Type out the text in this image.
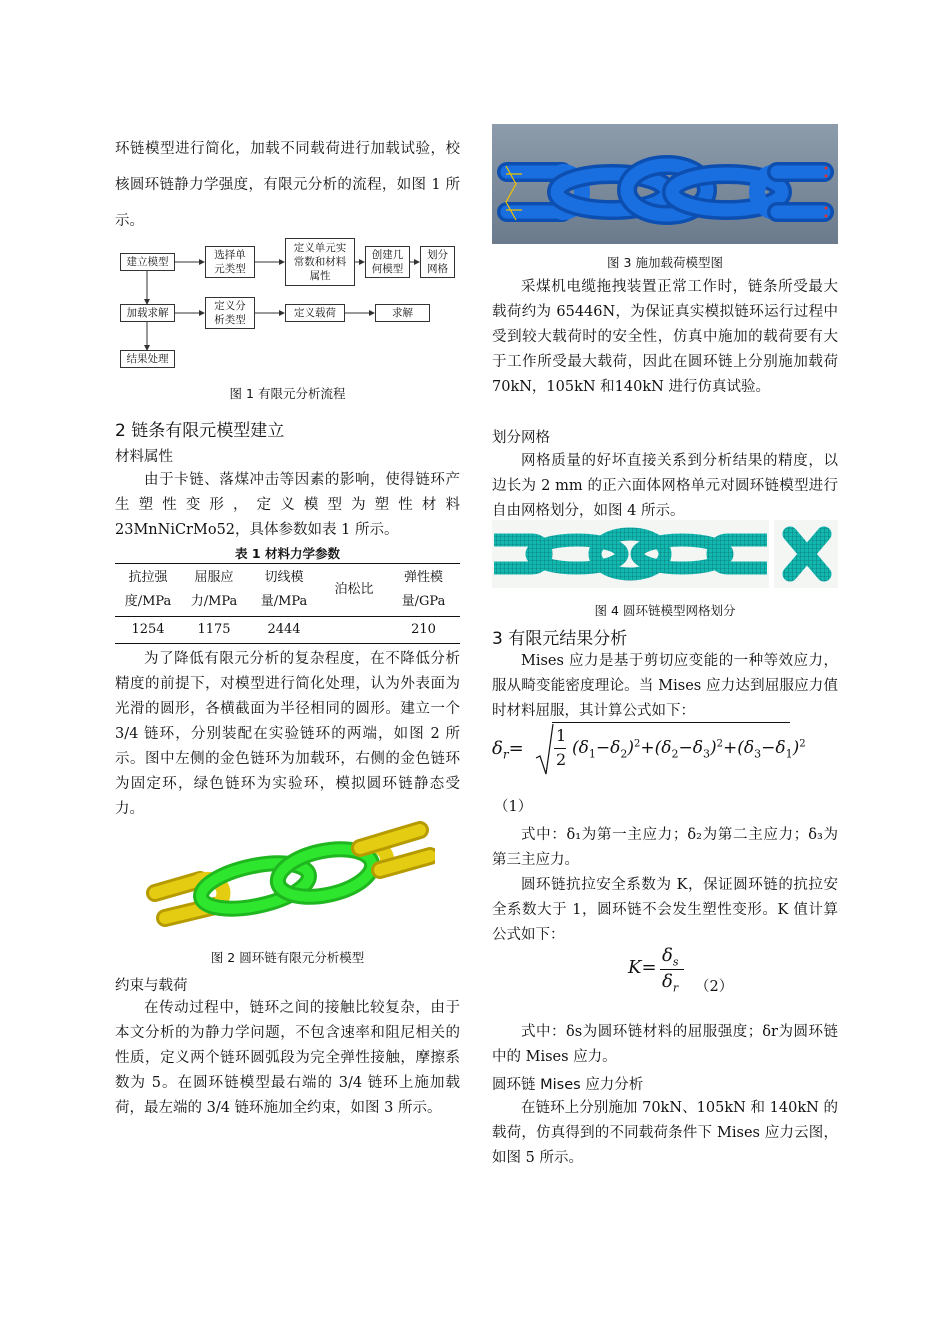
环链模型进行简化，加载不同载荷进行加载试验，校核圆环链静力学强度，有限元分析的流程，如图 1 所示。

建立模型
选择单元类型
定义单元实常数和材料属性
创建几何模型
划分网格
加载求解
定义分析类型
定义载荷	求解
结果处理

图 1 有限元分析流程

2 链条有限元模型建立

材料属性

由于卡链、落煤冲击等因素的影响，使得链环产生塑性变形，定义模型为塑性材料23MnNiCrMo52，具体参数如表 1 所示。

表 1 材料力学参数

抗拉强度/MPa	屈服应力/MPa	切线模量/MPa	泊松比	弹性模量/GPa
1254	1175	2444		210

为了降低有限元分析的复杂程度，在不降低分析精度的前提下，对模型进行简化处理，认为外表面为光滑的圆形，各横截面为半径相同的圆形。建立一个 3/4 链环，分别装配在实验链环的两端，如图 2 所示。图中左侧的金色链环为加载环，右侧的金色链环为固定环，绿色链环为实验环，模拟圆环链静态受力。

图 2 圆环链有限元分析模型

约束与载荷

在传动过程中，链环之间的接触比较复杂，由于本文分析的为静力学问题，不包含速率和阻尼相关的性质，定义两个链环圆弧段为完全弹性接触，摩擦系数为 5。在圆环链模型最右端的 3/4 链环上施加载荷，最左端的 3/4 链环施加全约束，如图 3 所示。

图 3 施加载荷模型图

采煤机电缆拖拽装置正常工作时，链条所受最大载荷约为 65446N，为保证真实模拟链环运行过程中受到较大载荷时的安全性，仿真中施加的载荷要有大于工作所受最大载荷，因此在圆环链上分别施加载荷 70kN，105kN 和140kN 进行仿真试验。

划分网格

网格质量的好坏直接关系到分析结果的精度，以边长为 2 mm 的正六面体网格单元对圆环链模型进行自由网格划分，如图 4 所示。

图 4 圆环链模型网格划分

3 有限元结果分析

Mises 应力是基于剪切应变能的一种等效应力，服从畸变能密度理论。当 Mises 应力达到屈服应力值时材料屈服，其计算公式如下：

$\delta_r=$
1
2
$(\delta_1-\delta_2)^2+(\delta_2-\delta_3)^2+(\delta_3-\delta_1)^2$

（1）

式中：δ₁为第一主应力；δ₂为第二主应力；δ₃为第三主应力。

圆环链抗拉安全系数为 K，保证圆环链的抗拉安全系数大于 1，圆环链不会发生塑性变形。K 值计算公式如下：

K=
$\delta_s$
$\delta_r$ （2）

式中：δs为圆环链材料的屈服强度；δr为圆环链中的 Mises 应力。

圆环链 Mises 应力分析

在链环上分别施加 70kN、105kN 和 140kN 的载荷，仿真得到的不同载荷条件下 Mises 应力云图，如图 5 所示。
